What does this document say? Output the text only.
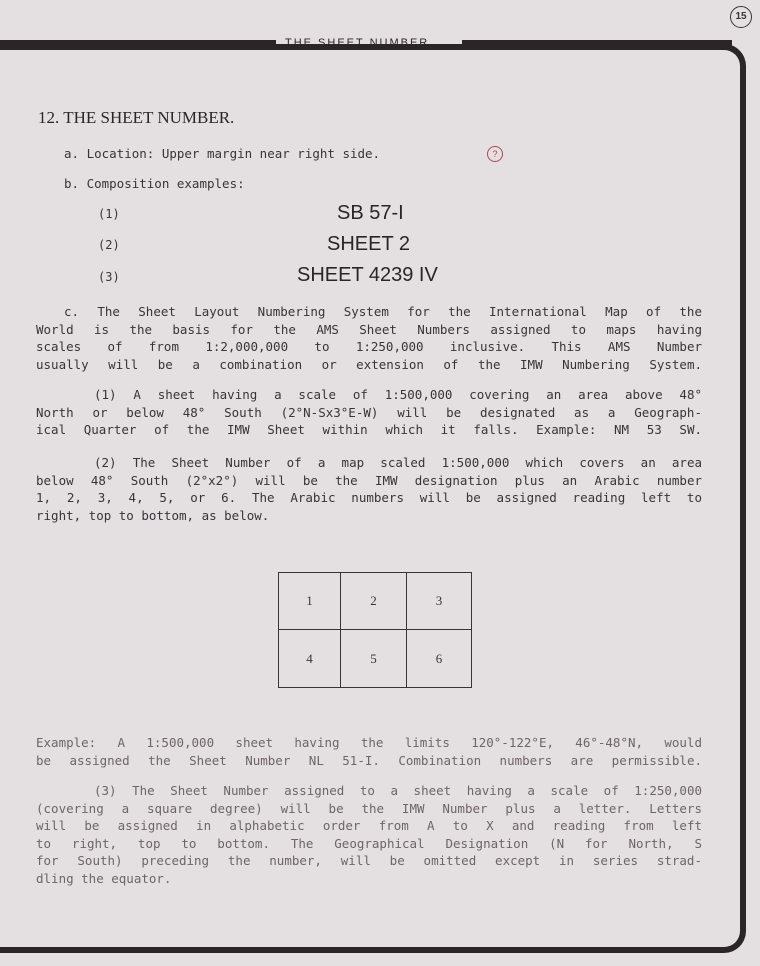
15
THE SHEET NUMBER
12. THE SHEET NUMBER.
a. Location: Upper margin near right side.	?
b. Composition examples:
(1)	SB 57-I
(2)	SHEET 2
(3)	SHEET 4239 IV
c. The Sheet Layout Numbering System for the International Map of the
World is the basis for the AMS Sheet Numbers assigned to maps having
scales of from 1:2,000,000 to 1:250,000 inclusive. This AMS Number
usually will be a combination or extension of the IMW Numbering System.
(1) A sheet having a scale of 1:500,000 covering an area above 48°
North or below 48° South (2°N-Sx3°E-W) will be designated as a Geograph-
ical Quarter of the IMW Sheet within which it falls. Example: NM 53 SW.
(2) The Sheet Number of a map scaled 1:500,000 which covers an area
below 48° South (2°x2°) will be the IMW designation plus an Arabic number
1, 2, 3, 4, 5, or 6. The Arabic numbers will be assigned reading left to
right, top to bottom, as below.
1	2	3
4	5	6
Example: A 1:500,000 sheet having the limits 120°-122°E, 46°-48°N, would
be assigned the Sheet Number NL 51-I. Combination numbers are permissible.
(3) The Sheet Number assigned to a sheet having a scale of 1:250,000
(covering a square degree) will be the IMW Number plus a letter. Letters
will be assigned in alphabetic order from A to X and reading from left
to right, top to bottom. The Geographical Designation (N for North, S
for South) preceding the number, will be omitted except in series strad-
dling the equator.
